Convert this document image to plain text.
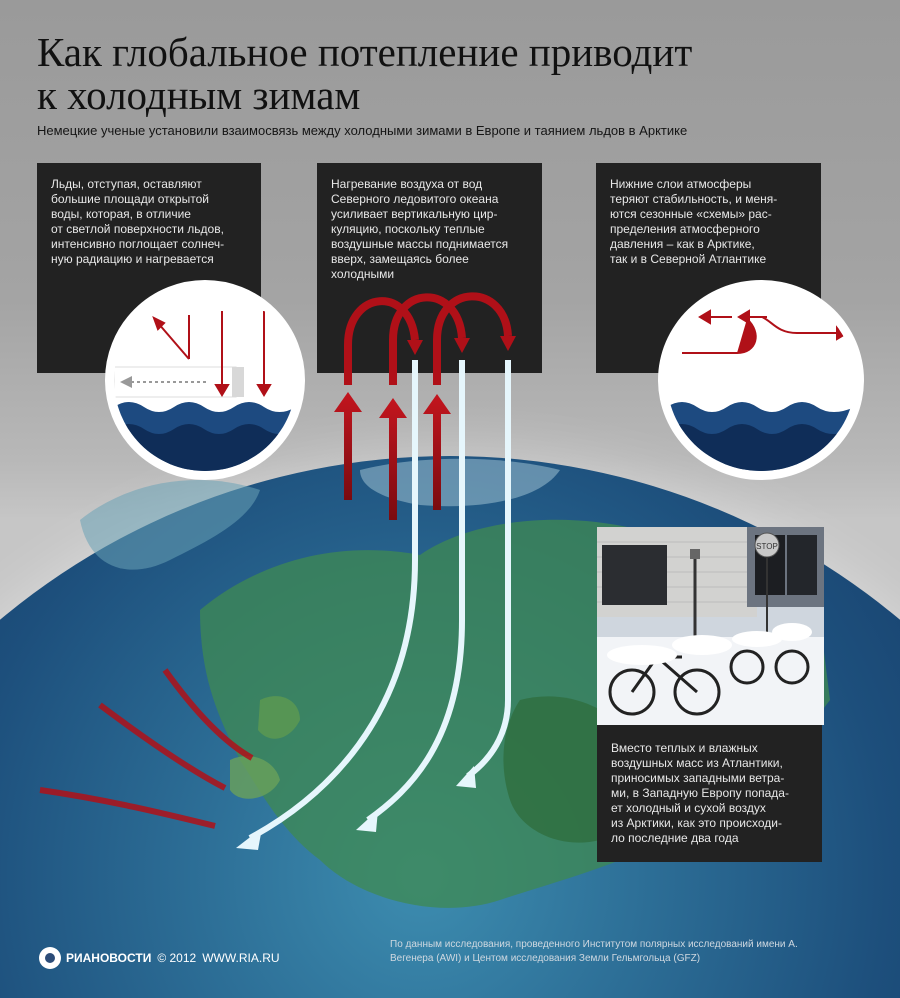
Как глобальное потепление приводит
к холодным зимам
Немецкие ученые установили взаимосвязь между холодными зимами в Европе и таянием льдов в Арктике
Льды, отступая, оставляют
большие площади открытой
воды, которая, в отличие
от светлой поверхности льдов,
интенсивно поглощает солнеч-
ную радиацию и нагревается
Нагревание воздуха от вод
Северного ледовитого океана
усиливает вертикальную цир-
куляцию, поскольку теплые
воздушные массы поднимается
вверх, замещаясь более
холодными
Нижние слои атмосферы
теряют стабильность, и меня-
ются сезонные «схемы» рас-
пределения атмосферного
давления – как в Арктике,
так и в Северной Атлантике
Вместо теплых и влажных
воздушных масс из Атлантики,
приносимых западными ветра-
ми, в Западную Европу попада-
ет холодный и сухой воздух
из Арктики, как это происходи-
ло последние два года
STOP
РИАНОВОСТИ © 2012 WWW.RIA.RU
По данным исследования, проведенного Институтом полярных исследований имени А. Вегенера (AWI) и Центом исследования Земли Гельмгольца (GFZ)
